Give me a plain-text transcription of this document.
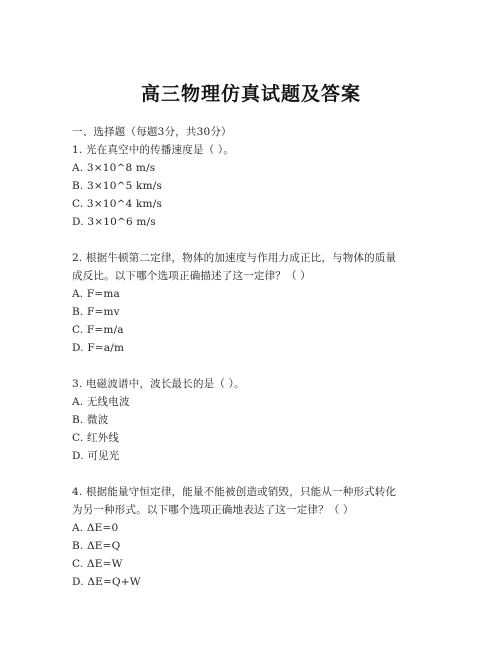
高三物理仿真试题及答案
一、选择题（每题3分，共30分）
1. 光在真空中的传播速度是（ ）。
A. 3×10^8 m/s
B. 3×10^5 km/s
C. 3×10^4 km/s
D. 3×10^6 m/s
2. 根据牛顿第二定律，物体的加速度与作用力成正比，与物体的质量
成反比。以下哪个选项正确描述了这一定律？（ ）
A. F=ma
B. F=mv
C. F=m/a
D. F=a/m
3. 电磁波谱中，波长最长的是（ ）。
A. 无线电波
B. 微波
C. 红外线
D. 可见光
4. 根据能量守恒定律，能量不能被创造或销毁，只能从一种形式转化
为另一种形式。以下哪个选项正确地表达了这一定律？（ ）
A. ΔE=0
B. ΔE=Q
C. ΔE=W
D. ΔE=Q+W
